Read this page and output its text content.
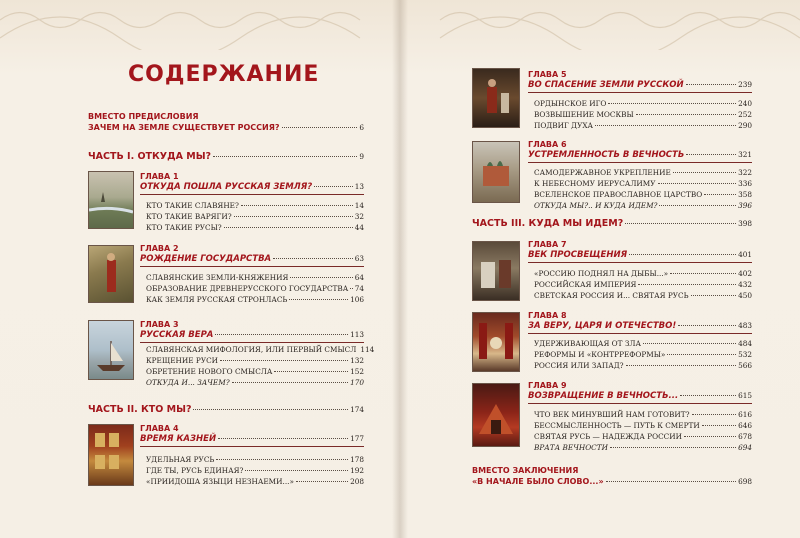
СОДЕРЖАНИЕ
ВМЕСТО ПРЕДИСЛОВИЯ
ЗАЧЕМ НА ЗЕМЛЕ СУЩЕСТВУЕТ РОССИЯ?	6
ЧАСТЬ I. ОТКУДА МЫ?	9
ГЛАВА 1
ОТКУДА ПОШЛА РУССКАЯ ЗЕМЛЯ?	13
КТО ТАКИЕ СЛАВЯНЕ?	14
КТО ТАКИЕ ВАРЯГИ?	32
КТО ТАКИЕ РУСЫ?	44
ГЛАВА 2
РОЖДЕНИЕ ГОСУДАРСТВА	63
СЛАВЯНСКИЕ ЗЕМЛИ-КНЯЖЕНИЯ	64
ОБРАЗОВАНИЕ ДРЕВНЕРУССКОГО ГОСУДАРСТВА 74
КАК ЗЕМЛЯ РУССКАЯ СТРОНЛАСЬ	106
ГЛАВА 3
РУССКАЯ ВЕРА	113
СЛАВЯНСКАЯ МИФОЛОГИЯ, ИЛИ ПЕРВЫЙ СМЫСЛ 114
КРЕЩЕНИЕ РУСИ	132
ОБРЕТЕНИЕ НОВОГО СМЫСЛА	152
ОТКУДА И... ЗАЧЕМ?	170
ЧАСТЬ II. КТО МЫ?	174
ГЛАВА 4
ВРЕМЯ КАЗНЕЙ	177
УДЕЛЬНАЯ РУСЬ	178
ГДЕ ТЫ, РУСЬ ЕДИНАЯ?	192
«ПРИИДОША ЯЗЫЦИ НЕЗНАЕМИ...»	208
ГЛАВА 5
ВО СПАСЕНИЕ ЗЕМЛИ РУССКОЙ	239
ОРДЫНСКОЕ ИГО	240
ВОЗВЫШЕНИЕ МОСКВЫ	252
ПОДВИГ ДУХА	290
ГЛАВА 6
УСТРЕМЛЕННОСТЬ В ВЕЧНОСТЬ	321
САМОДЕРЖАВНОЕ УКРЕПЛЕНИЕ	322
К НЕБЕСНОМУ ИЕРУСАЛИМУ	336
ВСЕЛЕНСКОЕ ПРАВОСЛАВНОЕ ЦАРСТВО	358
ОТКУДА МЫ?.. И КУДА ИДЕМ?	396
ЧАСТЬ III. КУДА МЫ ИДЕМ?	398
ГЛАВА 7
ВЕК ПРОСВЕЩЕНИЯ	401
«РОССИЮ ПОДНЯЛ НА ДЫБЫ...»	402
РОССИЙСКАЯ ИМПЕРИЯ	432
СВЕТСКАЯ РОССИЯ И... СВЯТАЯ РУСЬ	450
ГЛАВА 8
ЗА ВЕРУ, ЦАРЯ И ОТЕЧЕСТВО!	483
УДЕРЖИВАЮЩАЯ ОТ ЗЛА	484
РЕФОРМЫ И «КОНТРРЕФОРМЫ»	532
РОССИЯ ИЛИ ЗАПАД?	566
ГЛАВА 9
ВОЗВРАЩЕНИЕ В ВЕЧНОСТЬ...	615
ЧТО ВЕК МИНУВШИЙ НАМ ГОТОВИТ?	616
БЕССМЫСЛЕННОСТЬ — ПУТЬ К СМЕРТИ	646
СВЯТАЯ РУСЬ — НАДЕЖДА РОССИИ	678
ВРАТА ВЕЧНОСТИ	694
ВМЕСТО ЗАКЛЮЧЕНИЯ
«В НАЧАЛЕ БЫЛО СЛОВО...»	698
